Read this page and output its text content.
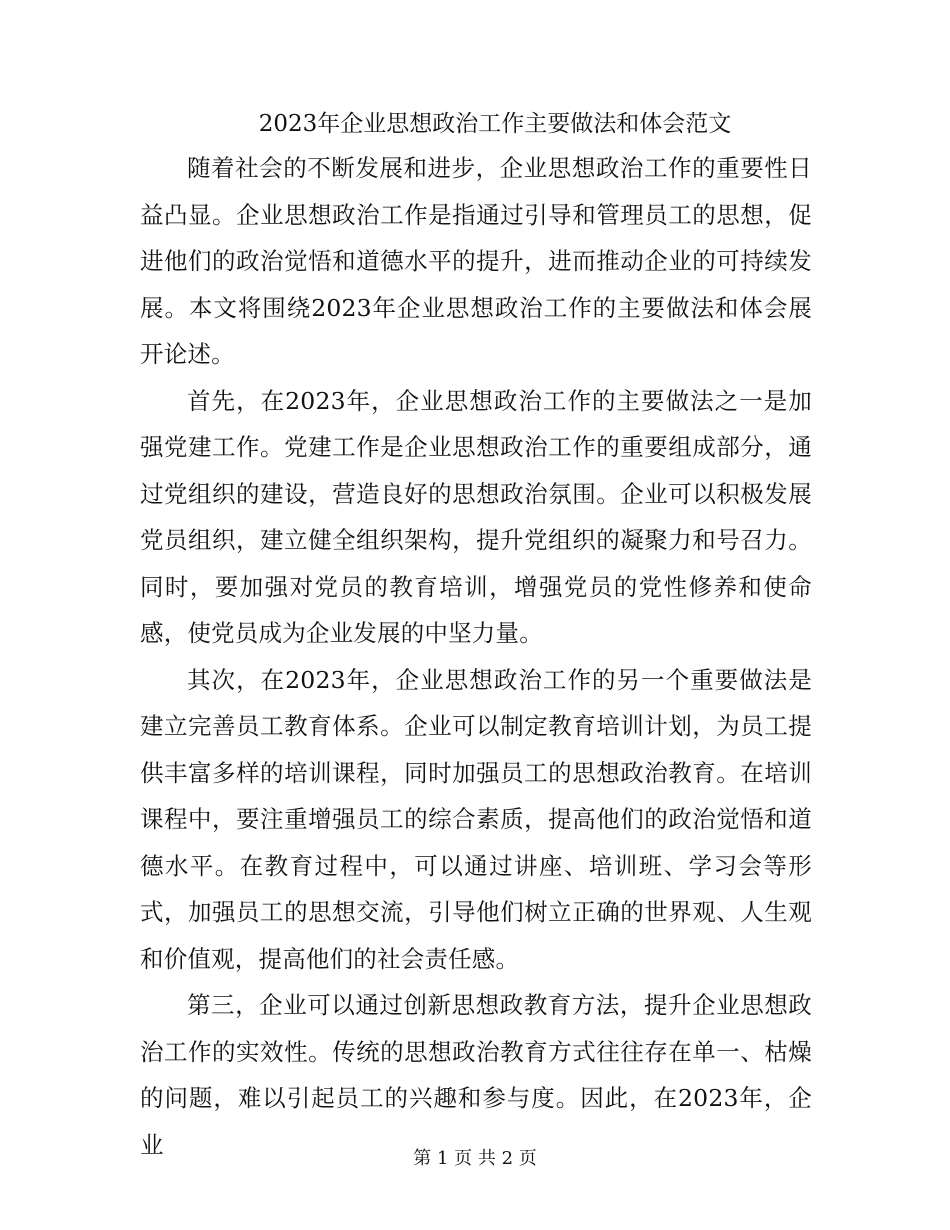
2023年企业思想政治工作主要做法和体会范文

随着社会的不断发展和进步，企业思想政治工作的重要性日益凸显。企业思想政治工作是指通过引导和管理员工的思想，促进他们的政治觉悟和道德水平的提升，进而推动企业的可持续发展。本文将围绕2023年企业思想政治工作的主要做法和体会展开论述。

首先，在2023年，企业思想政治工作的主要做法之一是加强党建工作。党建工作是企业思想政治工作的重要组成部分，通过党组织的建设，营造良好的思想政治氛围。企业可以积极发展党员组织，建立健全组织架构，提升党组织的凝聚力和号召力。同时，要加强对党员的教育培训，增强党员的党性修养和使命感，使党员成为企业发展的中坚力量。

其次，在2023年，企业思想政治工作的另一个重要做法是建立完善员工教育体系。企业可以制定教育培训计划，为员工提供丰富多样的培训课程，同时加强员工的思想政治教育。在培训课程中，要注重增强员工的综合素质，提高他们的政治觉悟和道德水平。在教育过程中，可以通过讲座、培训班、学习会等形式，加强员工的思想交流，引导他们树立正确的世界观、人生观和价值观，提高他们的社会责任感。

第三，企业可以通过创新思想政教育方法，提升企业思想政治工作的实效性。传统的思想政治教育方式往往存在单一、枯燥的问题，难以引起员工的兴趣和参与度。因此，在2023年，企业	第 1 页 共 2 页
